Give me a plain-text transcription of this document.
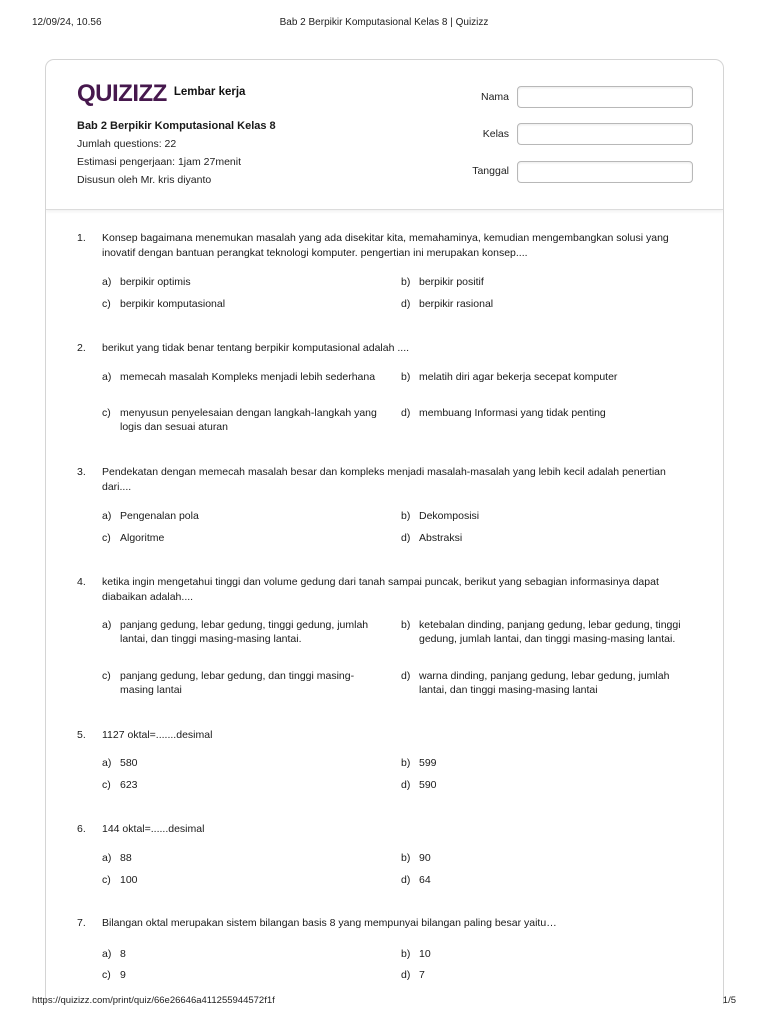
12/09/24, 10.56	Bab 2 Berpikir Komputasional Kelas 8 | Quizizz
QUIZIZZ Lembar kerja
Bab 2 Berpikir Komputasional Kelas 8
Jumlah questions: 22
Estimasi pengerjaan: 1jam 27menit
Disusun oleh Mr. kris diyanto
Nama
Kelas
Tanggal
1. Konsep bagaimana menemukan masalah yang ada disekitar kita, memahaminya, kemudian mengembangkan solusi yang inovatif dengan bantuan perangkat teknologi komputer. pengertian ini merupakan konsep....
a) berpikir optimis	b) berpikir positif
c) berpikir komputasional	d) berpikir rasional
2. berikut yang tidak benar tentang berpikir komputasional adalah ....
a) memecah masalah Kompleks menjadi lebih sederhana	b) melatih diri agar bekerja secepat komputer
c) menyusun penyelesaian dengan langkah-langkah yang logis dan sesuai aturan
d) membuang Informasi yang tidak penting
3. Pendekatan dengan memecah masalah besar dan kompleks menjadi masalah-masalah yang lebih kecil adalah penertian dari....
a) Pengenalan pola	b) Dekomposisi
c) Algoritme	d) Abstraksi
4. ketika ingin mengetahui tinggi dan volume gedung dari tanah sampai puncak, berikut yang sebagian informasinya dapat diabaikan adalah....
a) panjang gedung, lebar gedung, tinggi gedung, jumlah lantai, dan tinggi masing-masing lantai.
b) ketebalan dinding, panjang gedung, lebar gedung, tinggi gedung, jumlah lantai, dan tinggi masing-masing lantai.
c) panjang gedung, lebar gedung, dan tinggi masing-masing lantai
d) warna dinding, panjang gedung, lebar gedung, jumlah lantai, dan tinggi masing-masing lantai
5. 1127 oktal=.......desimal
a) 580	b) 599
c) 623	d) 590
6. 144 oktal=......desimal
a) 88	b) 90
c) 100	d) 64
7. Bilangan oktal merupakan sistem bilangan basis 8 yang mempunyai bilangan paling besar yaitu…
a) 8	b) 10
c) 9	d) 7
https://quizizz.com/print/quiz/66e26646a411255944572f1f	1/5
